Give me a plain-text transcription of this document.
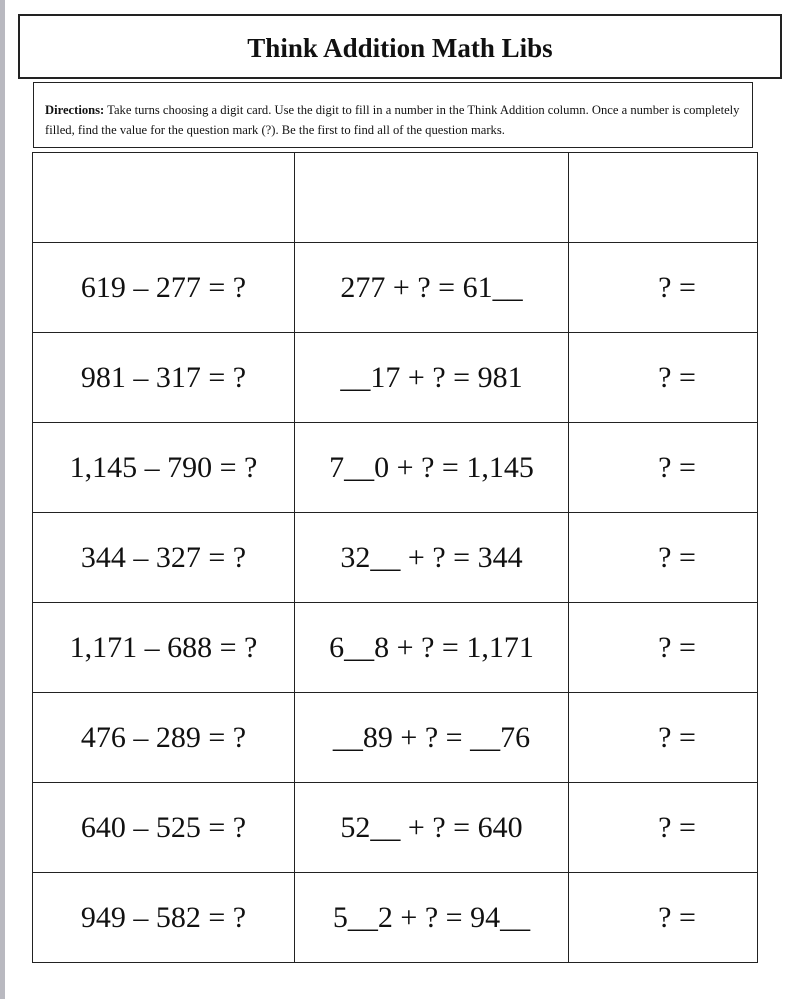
Think Addition Math Libs
Directions: Take turns choosing a digit card. Use the digit to fill in a number in the Think Addition column. Once a number is completely filled, find the value for the question mark (?). Be the first to find all of the question marks.

619 – 277 = ?	277 + ? = 61__	? =
981 – 317 = ?	__17 + ? = 981	? =
1,145 – 790 = ?	7__0 + ? = 1,145	? =
344 – 327 = ?	32__ + ? = 344	? =
1,171 – 688 = ?	6__8 + ? = 1,171	? =
476 – 289 = ?	__89 + ? = __76	? =
640 – 525 = ?	52__ + ? = 640	? =
949 – 582 = ?	5__2 + ? = 94__	? =
